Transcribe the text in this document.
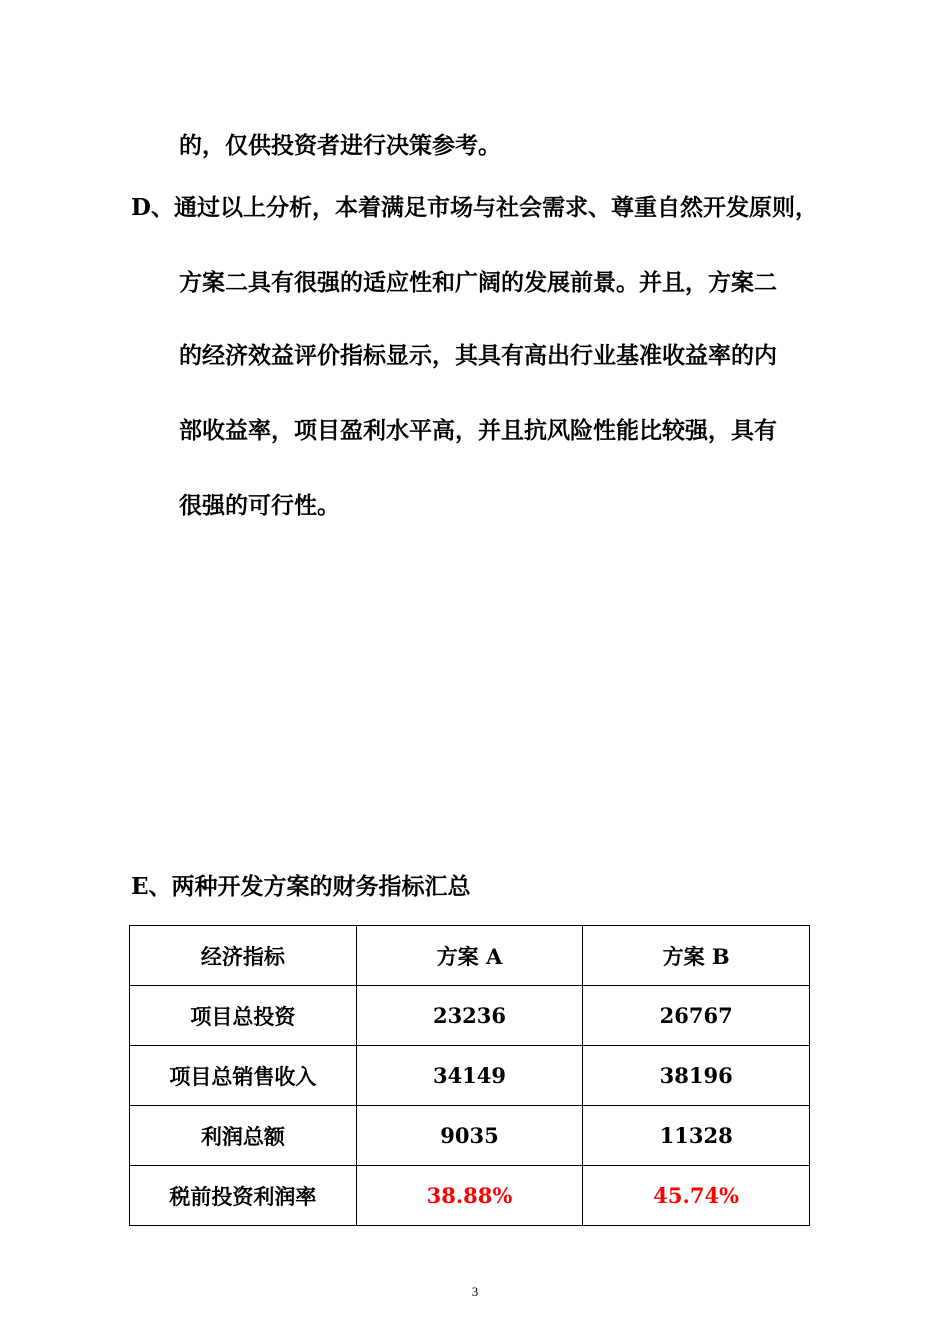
的，仅供投资者进行决策参考。
D、通过以上分析，本着满足市场与社会需求、尊重自然开发原则，
方案二具有很强的适应性和广阔的发展前景。并且，方案二
的经济效益评价指标显示，其具有高出行业基准收益率的内
部收益率，项目盈利水平高，并且抗风险性能比较强，具有
很强的可行性。
E、两种开发方案的财务指标汇总
经济指标	方案 A	方案 B
项目总投资	23236	26767
项目总销售收入	34149	38196
利润总额	9035	11328
税前投资利润率	38.88%	45.74%
3
